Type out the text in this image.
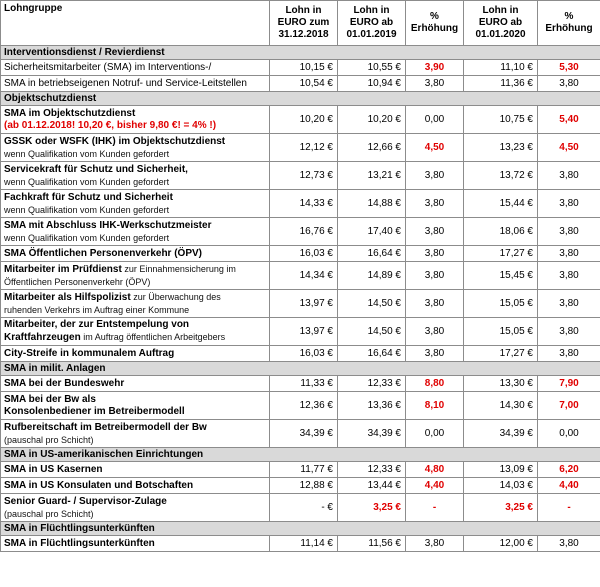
Lohngruppe	Lohn in EURO zum 31.12.2018	Lohn in EURO ab 01.01.2019	% Erhöhung	Lohn in EURO ab 01.01.2020	% Erhöhung
Interventionsdienst / Revierdienst					

Sicherheitsmitarbeiter (SMA) im Interventions-/	10,15 €	10,55 €	3,90	11,10 €	5,30

SMA in betriebseigenen Notruf- und Service-Leitstellen	10,54 €	10,94 €	3,80	11,36 €	3,80
Objektschutzdienst					

SMA im Objektschutzdienst
(ab 01.12.2018! 10,20 €, bisher 9,80 €! = 4% !)	10,20 €	10,20 €	0,00	10,75 €	5,40

GSSK oder WSFK (IHK) im Objektschutzdienst
wenn Qualifikation vom Kunden gefordert	12,12 €	12,66 €	4,50	13,23 €	4,50

Servicekraft für Schutz und Sicherheit,
wenn Qualifikation vom Kunden gefordert	12,73 €	13,21 €	3,80	13,72 €	3,80

Fachkraft für Schutz und Sicherheit
wenn Qualifikation vom Kunden gefordert	14,33 €	14,88 €	3,80	15,44 €	3,80

SMA mit Abschluss IHK-Werkschutzmeister
wenn Qualifikation vom Kunden gefordert	16,76 €	17,40 €	3,80	18,06 €	3,80

SMA Öffentlichen Personenverkehr (ÖPV)	16,03 €	16,64 €	3,80	17,27 €	3,80

Mitarbeiter im Prüfdienst zur Einnahmensicherung im
Öffentlichen Personenverkehr (ÖPV)	14,34 €	14,89 €	3,80	15,45 €	3,80

Mitarbeiter als Hilfspolizist zur Überwachung des
ruhenden Verkehrs im Auftrag einer Kommune	13,97 €	14,50 €	3,80	15,05 €	3,80

Mitarbeiter, der zur Entstempelung von
Kraftfahrzeugen im Auftrag öffentlichen Arbeitgebers	13,97 €	14,50 €	3,80	15,05 €	3,80

City-Streife in kommunalem Auftrag	16,03 €	16,64 €	3,80	17,27 €	3,80
SMA in milit. Anlagen					

SMA bei der Bundeswehr	11,33 €	12,33 €	8,80	13,30 €	7,90

SMA bei der Bw als
Konsolenbediener im Betreibermodell	12,36 €	13,36 €	8,10	14,30 €	7,00

Rufbereitschaft im Betreibermodell der Bw
(pauschal pro Schicht)	34,39 €	34,39 €	0,00	34,39 €	0,00
SMA in US-amerikanischen Einrichtungen					

SMA in US Kasernen	11,77 €	12,33 €	4,80	13,09 €	6,20

SMA in US Konsulaten und Botschaften	12,88 €	13,44 €	4,40	14,03 €	4,40

Senior Guard- / Supervisor-Zulage
(pauschal pro Schicht)	- €	3,25 €	-	3,25 €	-
SMA in Flüchtlingsunterkünften					

SMA in Flüchtlingsunterkünften	11,14 €	11,56 €	3,80	12,00 €	3,80
